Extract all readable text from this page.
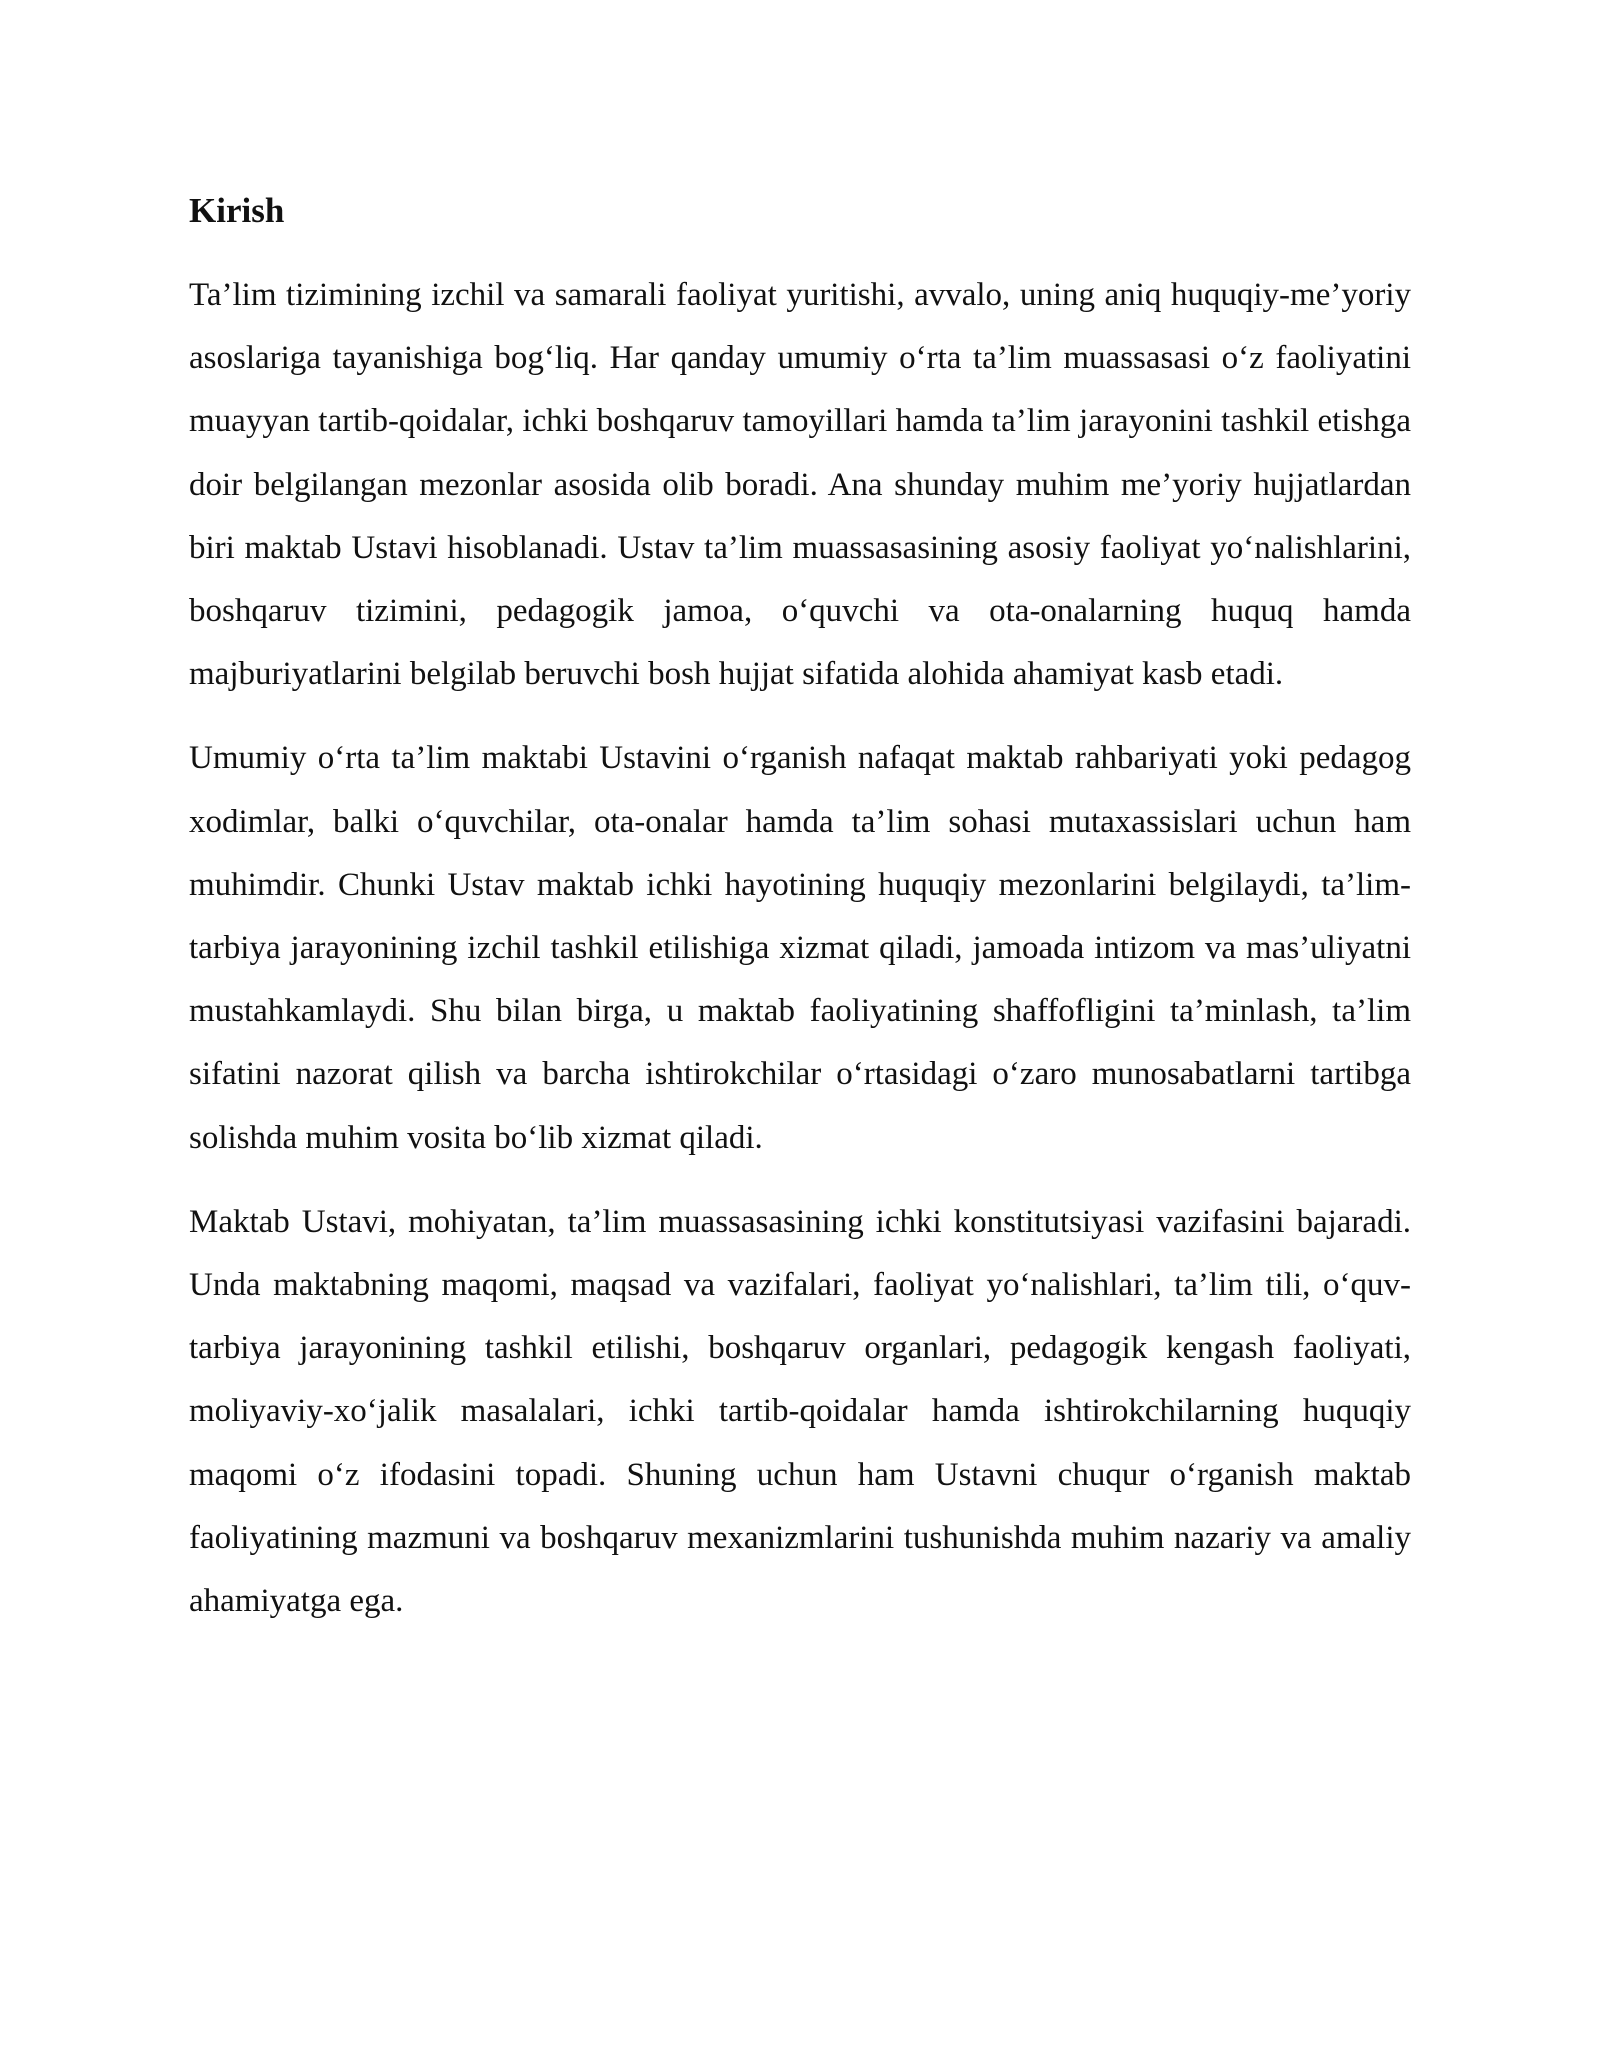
Kirish

Ta’lim tizimining izchil va samarali faoliyat yuritishi, avvalo, uning aniq huquqiy-me’yoriy asoslariga tayanishiga bog‘liq. Har qanday umumiy o‘rta ta’lim muassasasi o‘z faoliyatini muayyan tartib-qoidalar, ichki boshqaruv tamoyillari hamda ta’lim jarayonini tashkil etishga doir belgilangan mezonlar asosida olib boradi. Ana shunday muhim me’yoriy hujjatlardan biri maktab Ustavi hisoblanadi. Ustav ta’lim muassasasining asosiy faoliyat yo‘nalishlarini, boshqaruv tizimini, pedagogik jamoa, o‘quvchi va ota-onalarning huquq hamda majburiyatlarini belgilab beruvchi bosh hujjat sifatida alohida ahamiyat kasb etadi.

Umumiy o‘rta ta’lim maktabi Ustavini o‘rganish nafaqat maktab rahbariyati yoki pedagog xodimlar, balki o‘quvchilar, ota-onalar hamda ta’lim sohasi mutaxassislari uchun ham muhimdir. Chunki Ustav maktab ichki hayotining huquqiy mezonlarini belgilaydi, ta’lim-tarbiya jarayonining izchil tashkil etilishiga xizmat qiladi, jamoada intizom va mas’uliyatni mustahkamlaydi. Shu bilan birga, u maktab faoliyatining shaffofligini ta’minlash, ta’lim sifatini nazorat qilish va barcha ishtirokchilar o‘rtasidagi o‘zaro munosabatlarni tartibga solishda muhim vosita bo‘lib xizmat qiladi.

Maktab Ustavi, mohiyatan, ta’lim muassasasining ichki konstitutsiyasi vazifasini bajaradi. Unda maktabning maqomi, maqsad va vazifalari, faoliyat yo‘nalishlari, ta’lim tili, o‘quv-tarbiya jarayonining tashkil etilishi, boshqaruv organlari, pedagogik kengash faoliyati, moliyaviy-xo‘jalik masalalari, ichki tartib-qoidalar hamda ishtirokchilarning huquqiy maqomi o‘z ifodasini topadi. Shuning uchun ham Ustavni chuqur o‘rganish maktab faoliyatining mazmuni va boshqaruv mexanizmlarini tushunishda muhim nazariy va amaliy ahamiyatga ega.
